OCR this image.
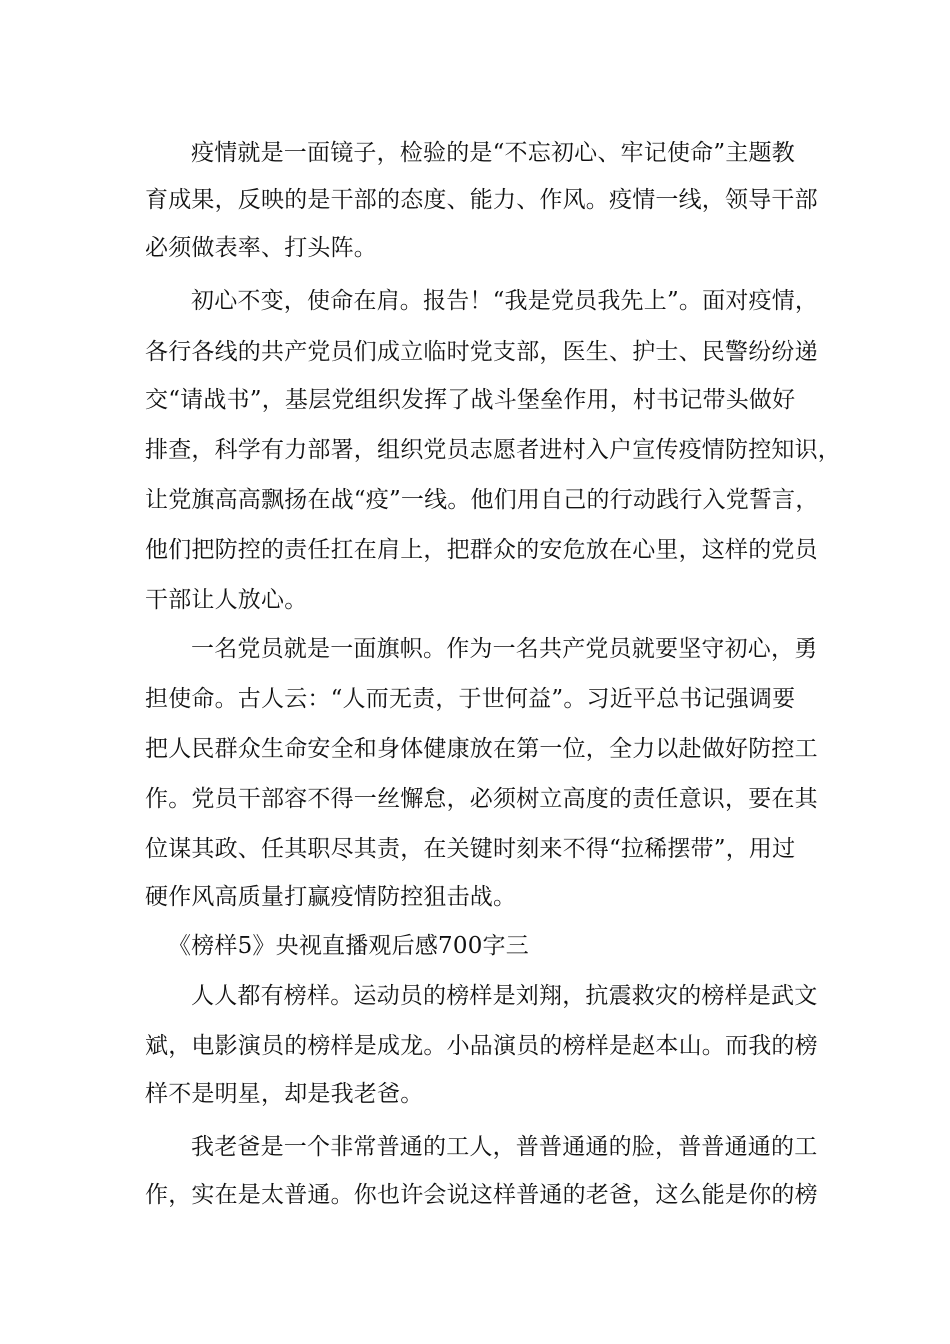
疫情就是一面镜子，检验的是“不忘初心、牢记使命”主题教

育成果，反映的是干部的态度、能力、作风。疫情一线，领导干部

必须做表率、打头阵。

初心不变，使命在肩。报告！“我是党员我先上”。面对疫情，

各行各线的共产党员们成立临时党支部，医生、护士、民警纷纷递

交“请战书”，基层党组织发挥了战斗堡垒作用，村书记带头做好

排查，科学有力部署，组织党员志愿者进村入户宣传疫情防控知识，

让党旗高高飘扬在战“疫”一线。他们用自己的行动践行入党誓言，

他们把防控的责任扛在肩上，把群众的安危放在心里，这样的党员

干部让人放心。

一名党员就是一面旗帜。作为一名共产党员就要坚守初心，勇

担使命。古人云：“人而无责，于世何益”。习近平总书记强调要

把人民群众生命安全和身体健康放在第一位，全力以赴做好防控工

作。党员干部容不得一丝懈怠，必须树立高度的责任意识，要在其

位谋其政、任其职尽其责，在关键时刻来不得“拉稀摆带”，用过

硬作风高质量打赢疫情防控狙击战。

《榜样5》央视直播观后感700字三

人人都有榜样。运动员的榜样是刘翔，抗震救灾的榜样是武文

斌，电影演员的榜样是成龙。小品演员的榜样是赵本山。而我的榜

样不是明星，却是我老爸。

我老爸是一个非常普通的工人，普普通通的脸，普普通通的工

作，实在是太普通。你也许会说这样普通的老爸，这么能是你的榜
